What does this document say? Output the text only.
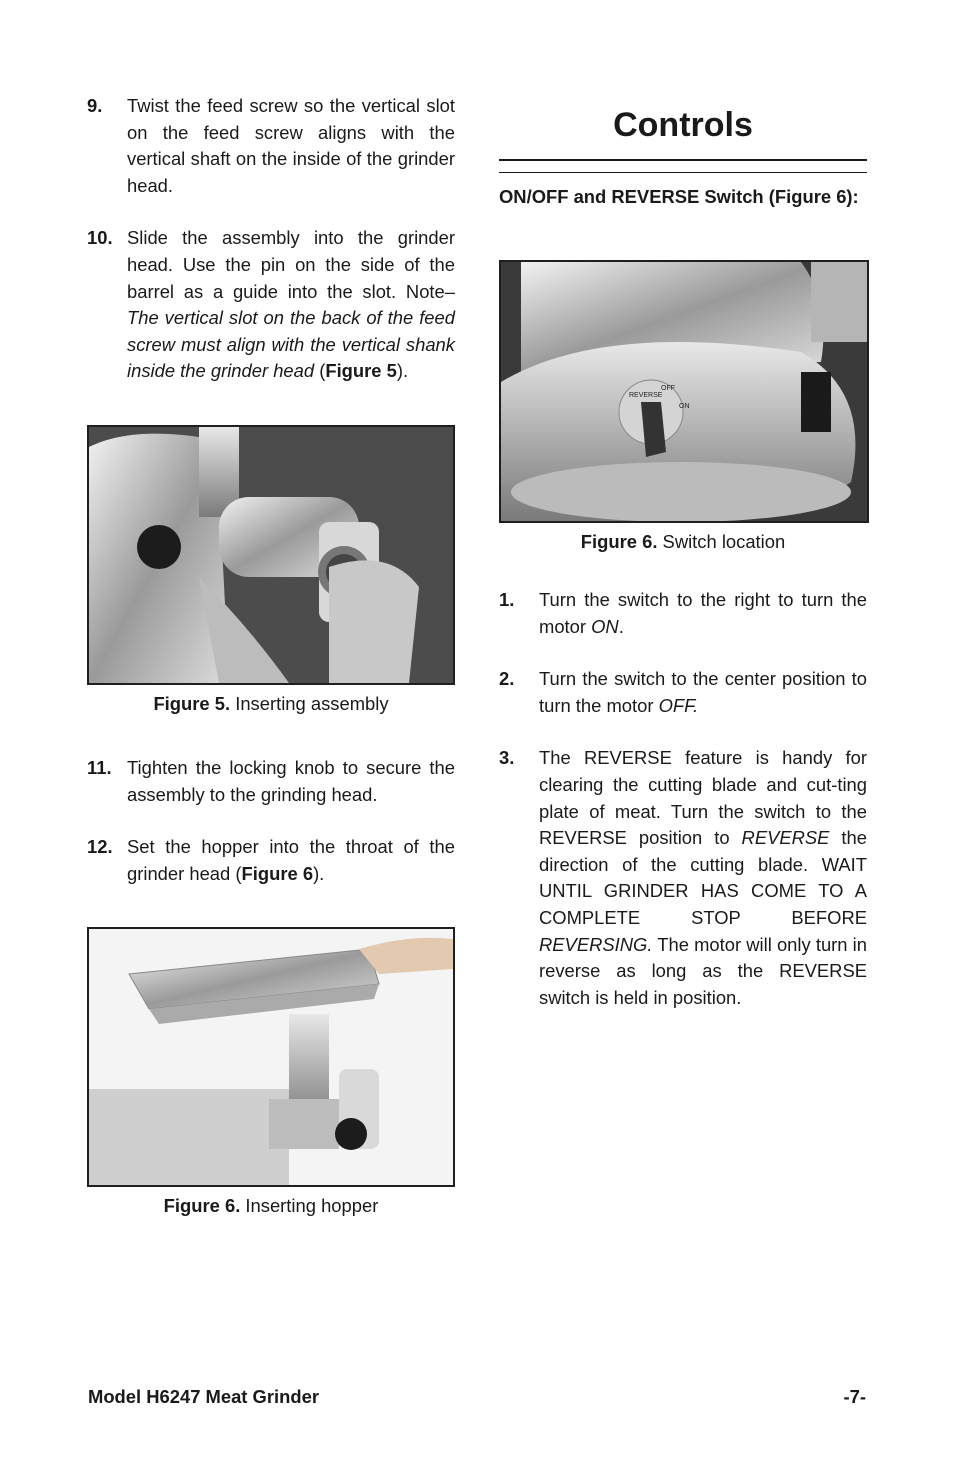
9.	Twist the feed screw so the vertical slot on the feed screw aligns with the vertical shaft on the inside of the grinder head.
10. Slide the assembly into the grinder head. Use the pin on the side of the barrel as a guide into the slot. Note– The vertical slot on the back of the feed screw must align with the vertical shank inside the grinder head (Figure 5).
Figure 5. Inserting assembly
11. Tighten the locking knob to secure the assembly to the grinding head.
12. Set the hopper into the throat of the grinder head (Figure 6).
Figure 6. Inserting hopper
Controls
ON/OFF and REVERSE Switch (Figure 6):
REVERSE
OFF
ON
Figure 6. Switch location
1.	Turn the switch to the right to turn the motor ON.
2.	Turn the switch to the center position to turn the motor OFF.
3.	The REVERSE feature is handy for clearing the cutting blade and cut-ting plate of meat. Turn the switch to the REVERSE position to REVERSE the direction of the cutting blade. WAIT UNTIL GRINDER HAS COME TO A COMPLETE STOP BEFORE REVERSING. The motor will only turn in reverse as long as the REVERSE switch is held in position.
Model H6247 Meat Grinder	-7-
